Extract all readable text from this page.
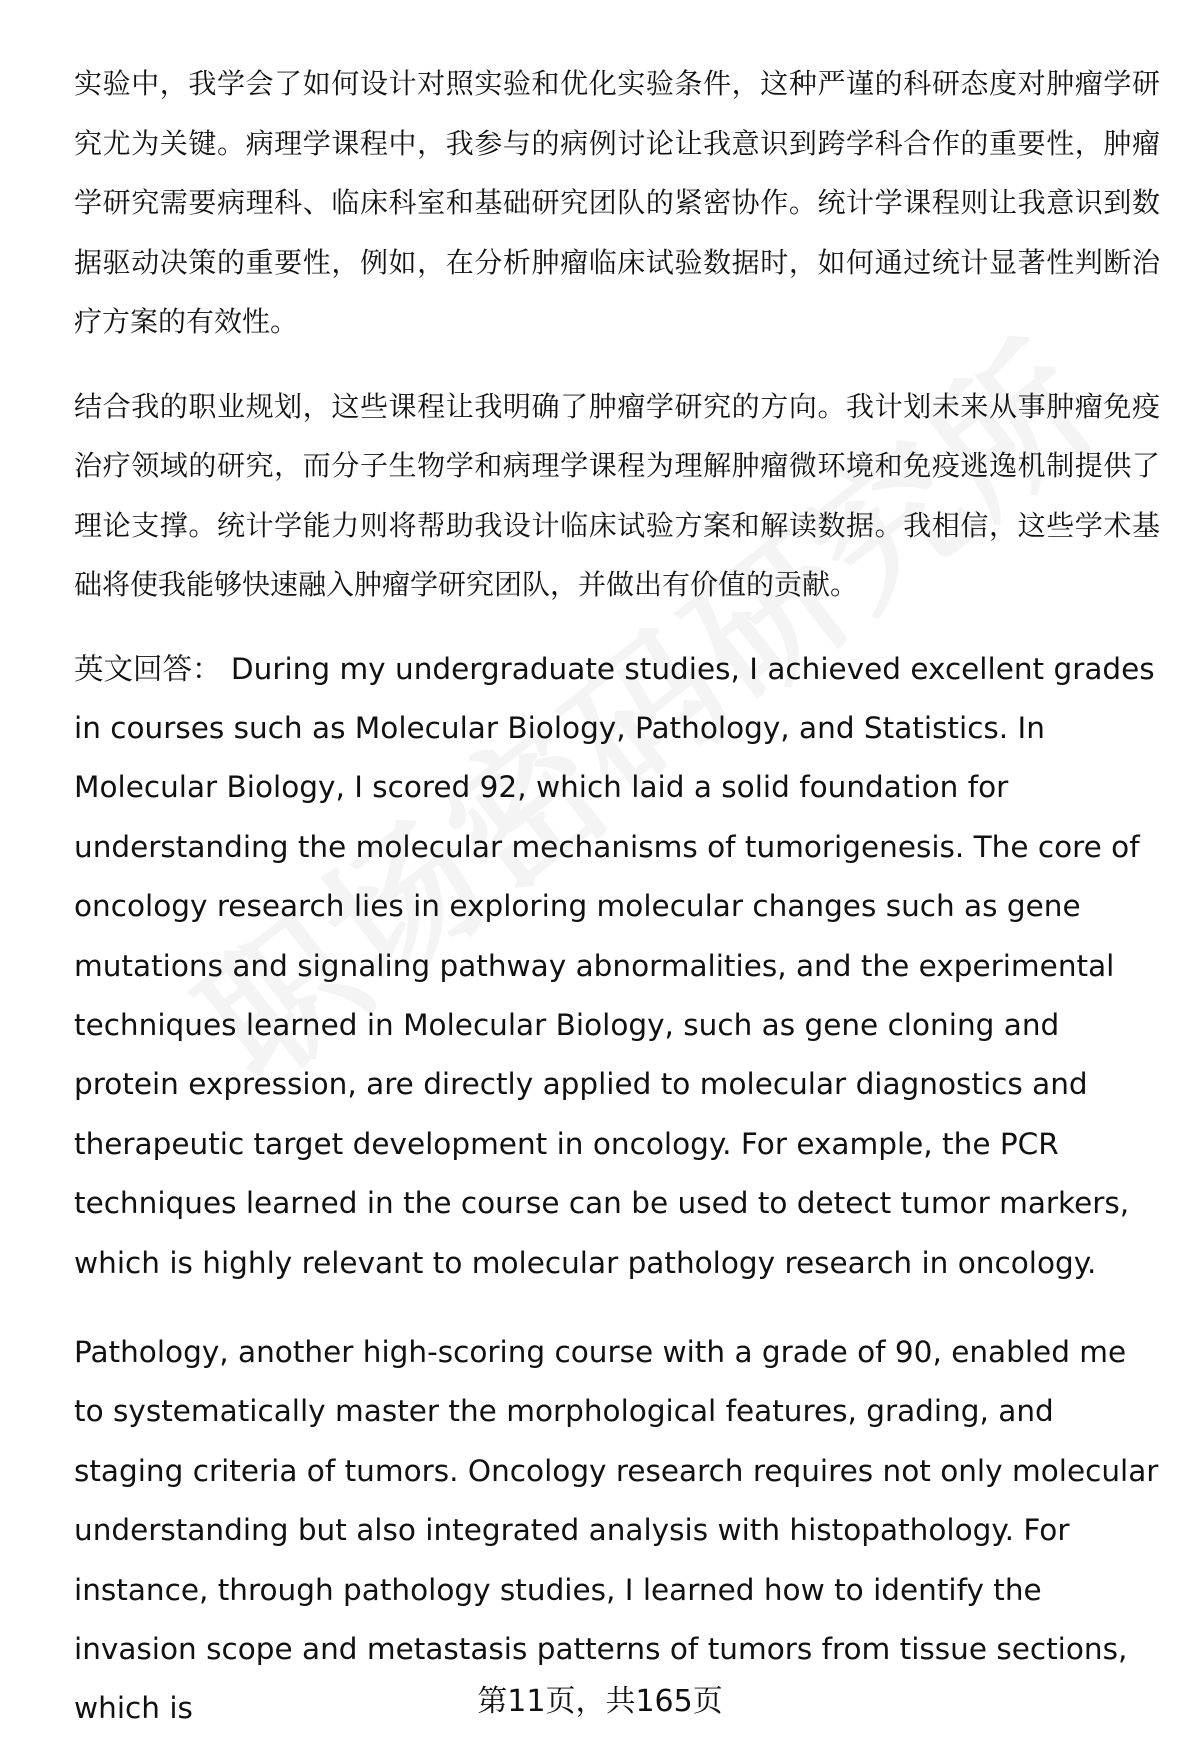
实验中，我学会了如何设计对照实验和优化实验条件，这种严谨的科研态度对肿瘤学研究尤为关键。病理学课程中，我参与的病例讨论让我意识到跨学科合作的重要性，肿瘤学研究需要病理科、临床科室和基础研究团队的紧密协作。统计学课程则让我意识到数据驱动决策的重要性，例如，在分析肿瘤临床试验数据时，如何通过统计显著性判断治疗方案的有效性。

结合我的职业规划，这些课程让我明确了肿瘤学研究的方向。我计划未来从事肿瘤免疫治疗领域的研究，而分子生物学和病理学课程为理解肿瘤微环境和免疫逃逸机制提供了理论支撑。统计学能力则将帮助我设计临床试验方案和解读数据。我相信，这些学术基础将使我能够快速融入肿瘤学研究团队，并做出有价值的贡献。

英文回答： During my undergraduate studies, I achieved excellent grades in courses such as Molecular Biology, Pathology, and Statistics. In Molecular Biology, I scored 92, which laid a solid foundation for understanding the molecular mechanisms of tumorigenesis. The core of oncology research lies in exploring molecular changes such as gene mutations and signaling pathway abnormalities, and the experimental techniques learned in Molecular Biology, such as gene cloning and protein expression, are directly applied to molecular diagnostics and therapeutic target development in oncology. For example, the PCR techniques learned in the course can be used to detect tumor markers, which is highly relevant to molecular pathology research in oncology.

Pathology, another high-scoring course with a grade of 90, enabled me to systematically master the morphological features, grading, and staging criteria of tumors. Oncology research requires not only molecular understanding but also integrated analysis with histopathology. For instance, through pathology studies, I learned how to identify the invasion scope and metastasis patterns of tumors from tissue sections, which is	第11页，共165页
